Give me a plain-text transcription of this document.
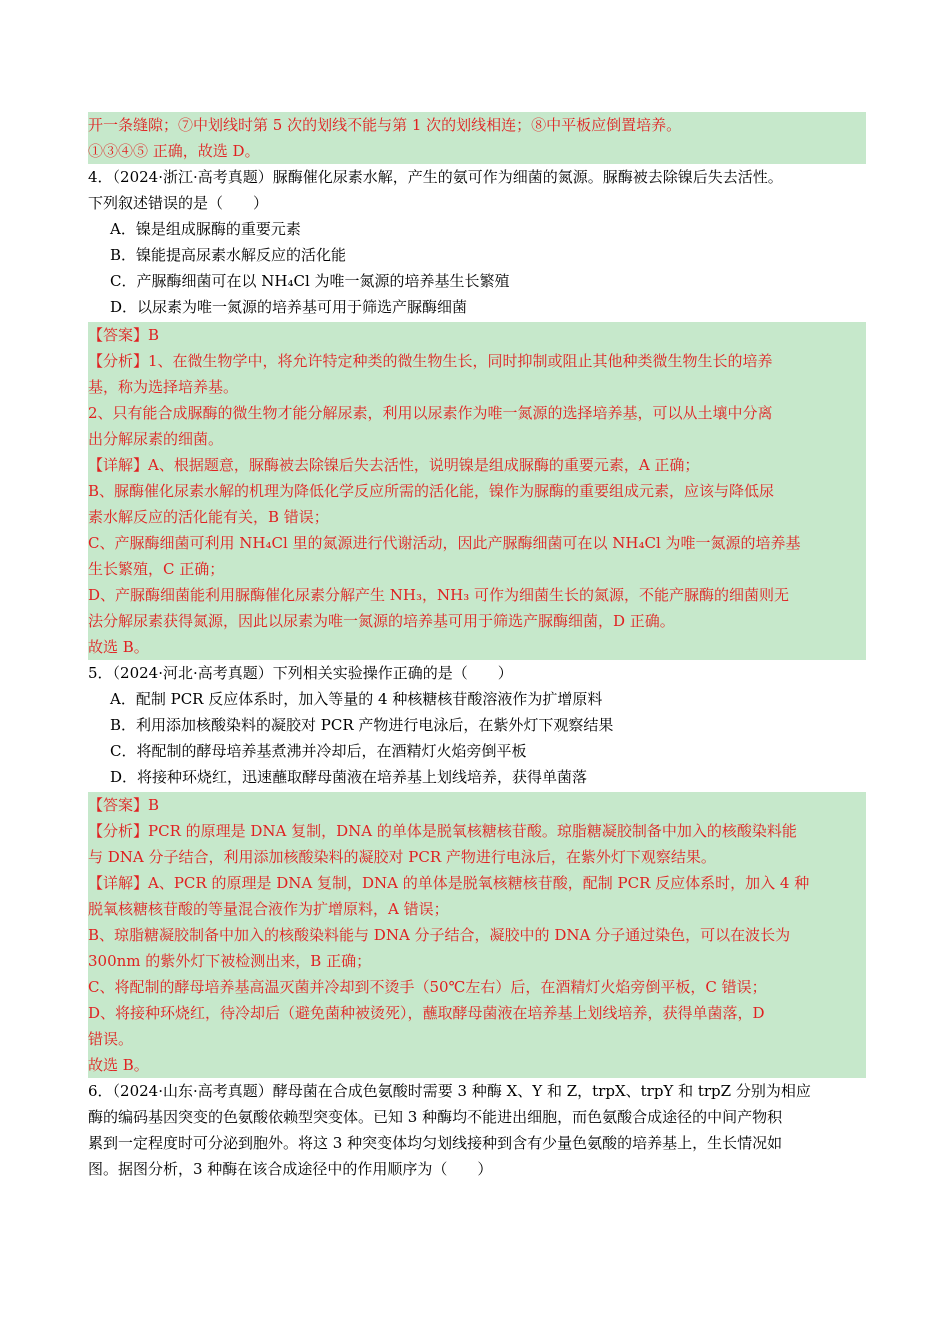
开一条缝隙；⑦中划线时第 5 次的划线不能与第 1 次的划线相连；⑧中平板应倒置培养。
①③④⑤ 正确，故选 D。
4．（2024·浙江·高考真题）脲酶催化尿素水解，产生的氨可作为细菌的氮源。脲酶被去除镍后失去活性。
下列叙述错误的是（　　）
A．镍是组成脲酶的重要元素
B．镍能提高尿素水解反应的活化能
C．产脲酶细菌可在以 NH₄Cl 为唯一氮源的培养基生长繁殖
D．以尿素为唯一氮源的培养基可用于筛选产脲酶细菌
【答案】B
【分析】1、在微生物学中，将允许特定种类的微生物生长，同时抑制或阻止其他种类微生物生长的培养
基，称为选择培养基。
2、只有能合成脲酶的微生物才能分解尿素，利用以尿素作为唯一氮源的选择培养基，可以从土壤中分离
出分解尿素的细菌。
【详解】A、根据题意，脲酶被去除镍后失去活性，说明镍是组成脲酶的重要元素，A 正确；
B、脲酶催化尿素水解的机理为降低化学反应所需的活化能，镍作为脲酶的重要组成元素，应该与降低尿
素水解反应的活化能有关，B 错误；
C、产脲酶细菌可利用 NH₄Cl 里的氮源进行代谢活动，因此产脲酶细菌可在以 NH₄Cl 为唯一氮源的培养基
生长繁殖，C 正确；
D、产脲酶细菌能利用脲酶催化尿素分解产生 NH₃，NH₃ 可作为细菌生长的氮源，不能产脲酶的细菌则无
法分解尿素获得氮源，因此以尿素为唯一氮源的培养基可用于筛选产脲酶细菌，D 正确。
故选 B。
5．（2024·河北·高考真题）下列相关实验操作正确的是（　　）
A．配制 PCR 反应体系时，加入等量的 4 种核糖核苷酸溶液作为扩增原料
B．利用添加核酸染料的凝胶对 PCR 产物进行电泳后，在紫外灯下观察结果
C．将配制的酵母培养基煮沸并冷却后，在酒精灯火焰旁倒平板
D．将接种环烧红，迅速蘸取酵母菌液在培养基上划线培养，获得单菌落
【答案】B
【分析】PCR 的原理是 DNA 复制，DNA 的单体是脱氧核糖核苷酸。琼脂糖凝胶制备中加入的核酸染料能
与 DNA 分子结合，利用添加核酸染料的凝胶对 PCR 产物进行电泳后，在紫外灯下观察结果。
【详解】A、PCR 的原理是 DNA 复制，DNA 的单体是脱氧核糖核苷酸，配制 PCR 反应体系时，加入 4 种
脱氧核糖核苷酸的等量混合液作为扩增原料，A 错误；
B、琼脂糖凝胶制备中加入的核酸染料能与 DNA 分子结合，凝胶中的 DNA 分子通过染色，可以在波长为
300nm 的紫外灯下被检测出来，B 正确；
C、将配制的酵母培养基高温灭菌并冷却到不烫手（50℃左右）后，在酒精灯火焰旁倒平板，C 错误；
D、将接种环烧红，待冷却后（避免菌种被烫死），蘸取酵母菌液在培养基上划线培养，获得单菌落，D
错误。
故选 B。
6．（2024·山东·高考真题）酵母菌在合成色氨酸时需要 3 种酶 X、Y 和 Z，trpX、trpY 和 trpZ 分别为相应
酶的编码基因突变的色氨酸依赖型突变体。已知 3 种酶均不能进出细胞，而色氨酸合成途径的中间产物积
累到一定程度时可分泌到胞外。将这 3 种突变体均匀划线接种到含有少量色氨酸的培养基上，生长情况如
图。据图分析，3 种酶在该合成途径中的作用顺序为（　　）
